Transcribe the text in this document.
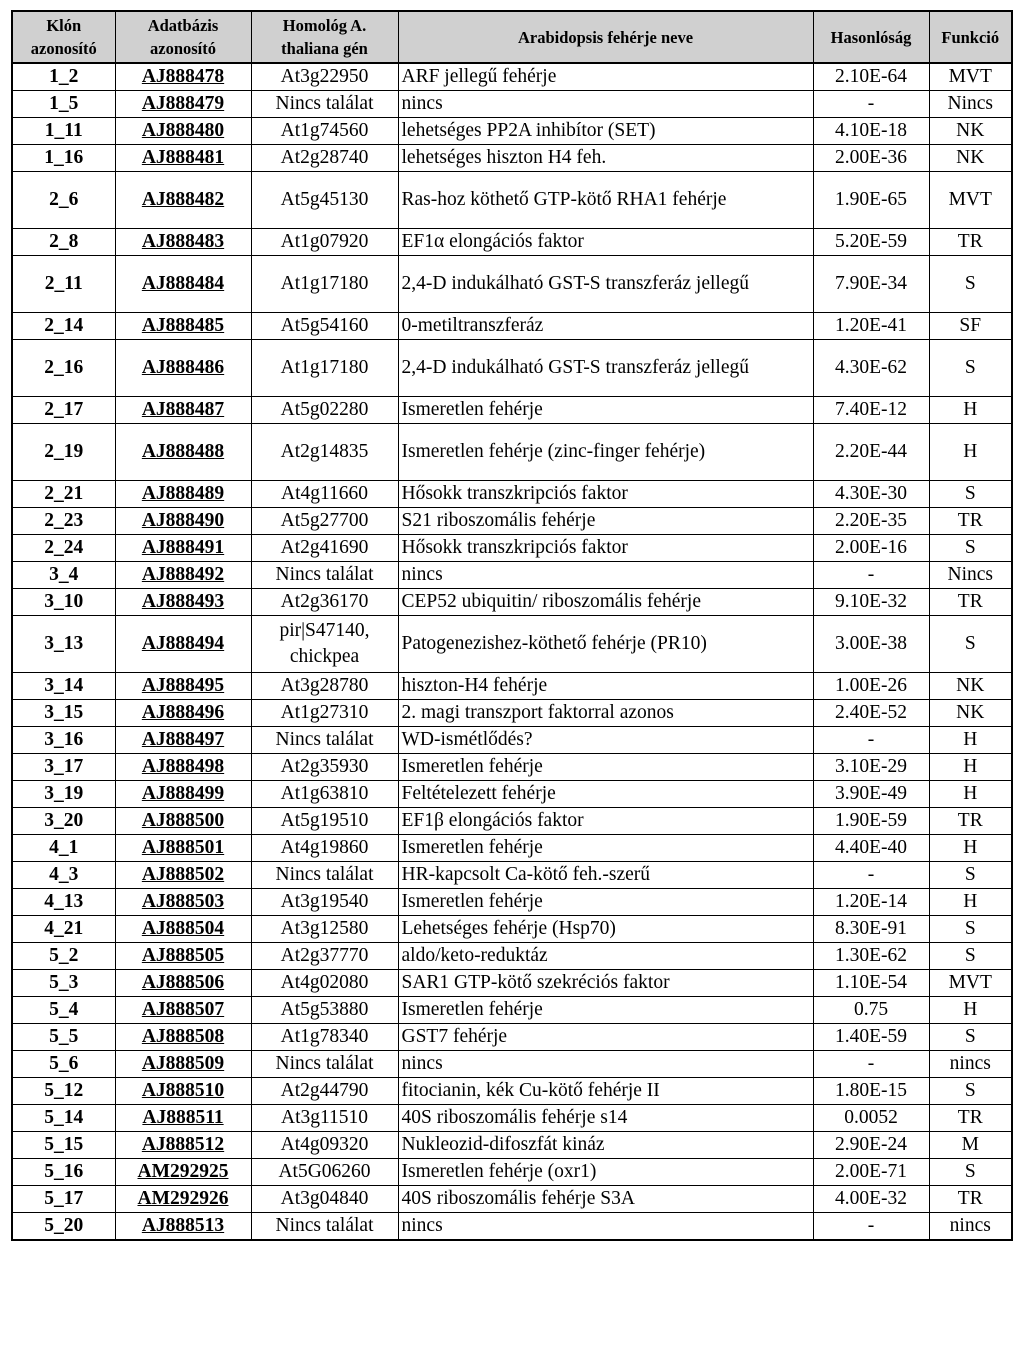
Klón azonosító	Adatbázis azonosító	Homológ A. thaliana gén	Arabidopsis fehérje neve	Hasonlóság	Funkció
1_2	AJ888478	At3g22950	ARF jellegű fehérje	2.10E-64	MVT
1_5	AJ888479	Nincs találat	nincs	-	Nincs
1_11	AJ888480	At1g74560	lehetséges PP2A inhibítor (SET)	4.10E-18	NK
1_16	AJ888481	At2g28740	lehetséges hiszton H4 feh.	2.00E-36	NK
2_6	AJ888482	At5g45130	Ras-hoz köthető GTP-kötő RHA1 fehérje	1.90E-65	MVT
2_8	AJ888483	At1g07920	EF1α elongációs faktor	5.20E-59	TR
2_11	AJ888484	At1g17180	2,4-D indukálható GST-S transzferáz jellegű	7.90E-34	S
2_14	AJ888485	At5g54160	0-metiltranszferáz	1.20E-41	SF
2_16	AJ888486	At1g17180	2,4-D indukálható GST-S transzferáz jellegű	4.30E-62	S
2_17	AJ888487	At5g02280	Ismeretlen fehérje	7.40E-12	H
2_19	AJ888488	At2g14835	Ismeretlen fehérje (zinc-finger fehérje)	2.20E-44	H
2_21	AJ888489	At4g11660	Hősokk transzkripciós faktor	4.30E-30	S
2_23	AJ888490	At5g27700	S21 riboszomális fehérje	2.20E-35	TR
2_24	AJ888491	At2g41690	Hősokk transzkripciós faktor	2.00E-16	S
3_4	AJ888492	Nincs találat	nincs	-	Nincs
3_10	AJ888493	At2g36170	CEP52 ubiquitin/ riboszomális fehérje	9.10E-32	TR
3_13	AJ888494	pir|S47140, chickpea	Patogenezishez-köthető fehérje (PR10)	3.00E-38	S
3_14	AJ888495	At3g28780	hiszton-H4 fehérje	1.00E-26	NK
3_15	AJ888496	At1g27310	2. magi transzport faktorral azonos	2.40E-52	NK
3_16	AJ888497	Nincs találat	WD-ismétlődés?	-	H
3_17	AJ888498	At2g35930	Ismeretlen fehérje	3.10E-29	H
3_19	AJ888499	At1g63810	Feltételezett fehérje	3.90E-49	H
3_20	AJ888500	At5g19510	EF1β elongációs faktor	1.90E-59	TR
4_1	AJ888501	At4g19860	Ismeretlen fehérje	4.40E-40	H
4_3	AJ888502	Nincs találat	HR-kapcsolt Ca-kötő feh.-szerű	-	S
4_13	AJ888503	At3g19540	Ismeretlen fehérje	1.20E-14	H
4_21	AJ888504	At3g12580	Lehetséges fehérje (Hsp70)	8.30E-91	S
5_2	AJ888505	At2g37770	aldo/keto-reduktáz	1.30E-62	S
5_3	AJ888506	At4g02080	SAR1 GTP-kötő szekréciós faktor	1.10E-54	MVT
5_4	AJ888507	At5g53880	Ismeretlen fehérje	0.75	H
5_5	AJ888508	At1g78340	GST7 fehérje	1.40E-59	S
5_6	AJ888509	Nincs találat	nincs	-	nincs
5_12	AJ888510	At2g44790	fitocianin, kék Cu-kötő fehérje II	1.80E-15	S
5_14	AJ888511	At3g11510	40S riboszomális fehérje s14	0.0052	TR
5_15	AJ888512	At4g09320	Nukleozid-difoszfát kináz	2.90E-24	M
5_16	AM292925	At5G06260	Ismeretlen fehérje (oxr1)	2.00E-71	S
5_17	AM292926	At3g04840	40S riboszomális fehérje S3A	4.00E-32	TR
5_20	AJ888513	Nincs találat	nincs	-	nincs
